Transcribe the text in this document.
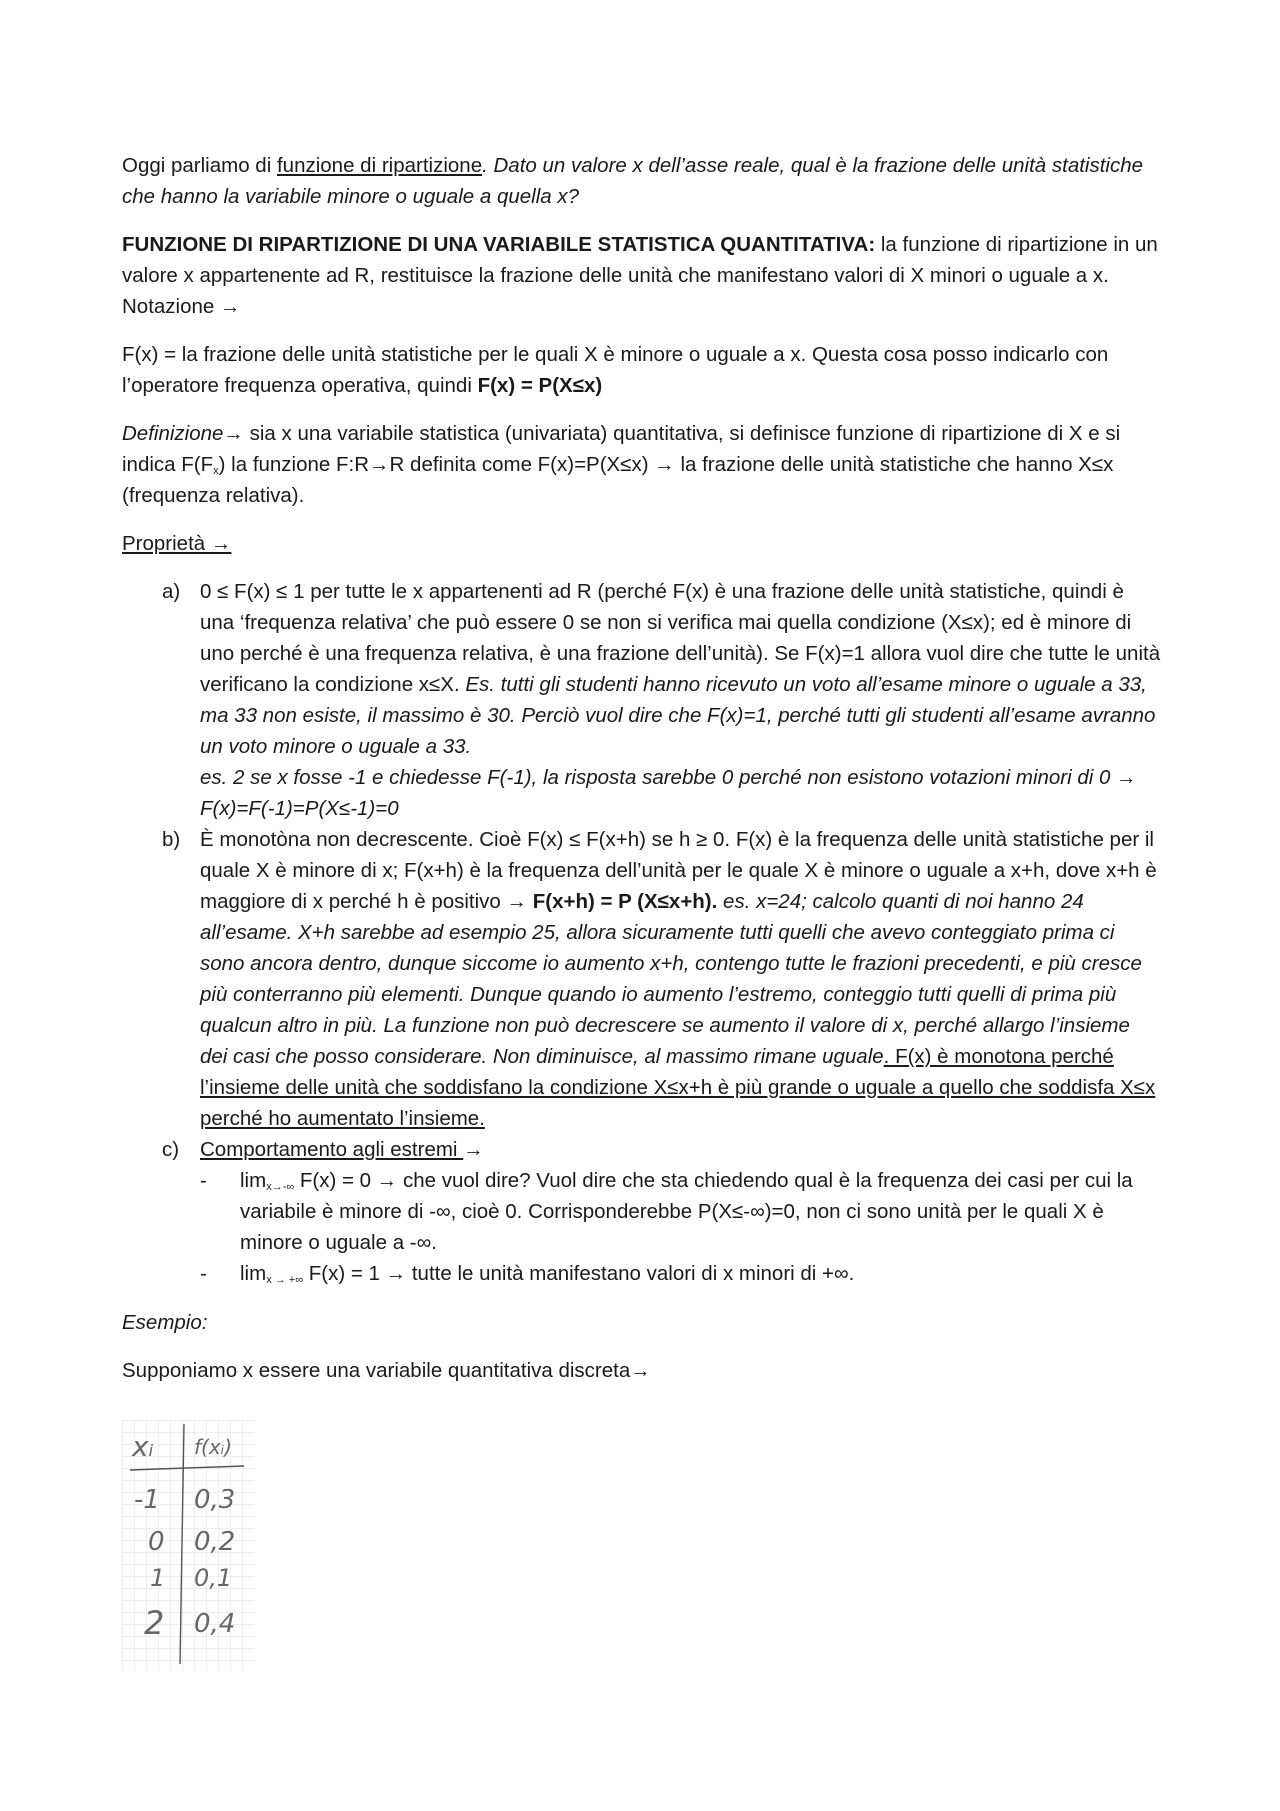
Oggi parliamo di funzione di ripartizione. Dato un valore x dell’asse reale, qual è la frazione delle unità statistiche che hanno la variabile minore o uguale a quella x?

FUNZIONE DI RIPARTIZIONE DI UNA VARIABILE STATISTICA QUANTITATIVA: la funzione di ripartizione in un valore x appartenente ad R, restituisce la frazione delle unità che manifestano valori di X minori o uguale a x. Notazione →

F(x) = la frazione delle unità statistiche per le quali X è minore o uguale a x. Questa cosa posso indicarlo con l’operatore frequenza operativa, quindi F(x) = P(X≤x)

Definizione→ sia x una variabile statistica (univariata) quantitativa, si definisce funzione di ripartizione di X e si indica $F(F_x)$ la funzione F:R→R definita come F(x)=P(X≤x) → la frazione delle unità statistiche che hanno X≤x (frequenza relativa).

Proprietà →

a) 0 ≤ F(x) ≤ 1 per tutte le x appartenenti ad R (perché F(x) è una frazione delle unità statistiche, quindi è una ‘frequenza relativa’ che può essere 0 se non si verifica mai quella condizione (X≤x); ed è minore di uno perché è una frequenza relativa, è una frazione dell’unità). Se F(x)=1 allora vuol dire che tutte le unità verificano la condizione x≤X. Es. tutti gli studenti hanno ricevuto un voto all’esame minore o uguale a 33, ma 33 non esiste, il massimo è 30. Perciò vuol dire che F(x)=1, perché tutti gli studenti all’esame avranno un voto minore o uguale a 33.
es. 2 se x fosse -1 e chiedesse F(-1), la risposta sarebbe 0 perché non esistono votazioni minori di 0 → F(x)=F(-1)=P(X≤-1)=0
b) È monotòna non decrescente. Cioè F(x) ≤ F(x+h) se h ≥ 0. F(x) è la frequenza delle unità statistiche per il quale X è minore di x; F(x+h) è la frequenza dell’unità per le quale X è minore o uguale a x+h, dove x+h è maggiore di x perché h è positivo → F(x+h) = P (X≤x+h). es. x=24; calcolo quanti di noi hanno 24 all’esame. X+h sarebbe ad esempio 25, allora sicuramente tutti quelli che avevo conteggiato prima ci sono ancora dentro, dunque siccome io aumento x+h, contengo tutte le frazioni precedenti, e più cresce più conterranno più elementi. Dunque quando io aumento l’estremo, conteggio tutti quelli di prima più qualcun altro in più. La funzione non può decrescere se aumento il valore di x, perché allargo l’insieme dei casi che posso considerare. Non diminuisce, al massimo rimane uguale. F(x) è monotona perché l’insieme delle unità che soddisfano la condizione X≤x+h è più grande o uguale a quello che soddisfa X≤x perché ho aumentato l’insieme.
c) Comportamento agli estremi →
- $\lim_{x\to-\infty} F(x) = 0$ → che vuol dire? Vuol dire che sta chiedendo qual è la frequenza dei casi per cui la variabile è minore di -∞, cioè 0. Corrisponderebbe P(X≤-∞)=0, non ci sono unità per le quali X è minore o uguale a -∞.
- $\lim_{x \to +\infty} F(x) = 1$ → tutte le unità manifestano valori di x minori di +∞.

Esempio:

Supponiamo x essere una variabile quantitativa discreta→

xᵢ f(xᵢ)
-1 0,3
0 0,2
1 0,1
2 0,4
